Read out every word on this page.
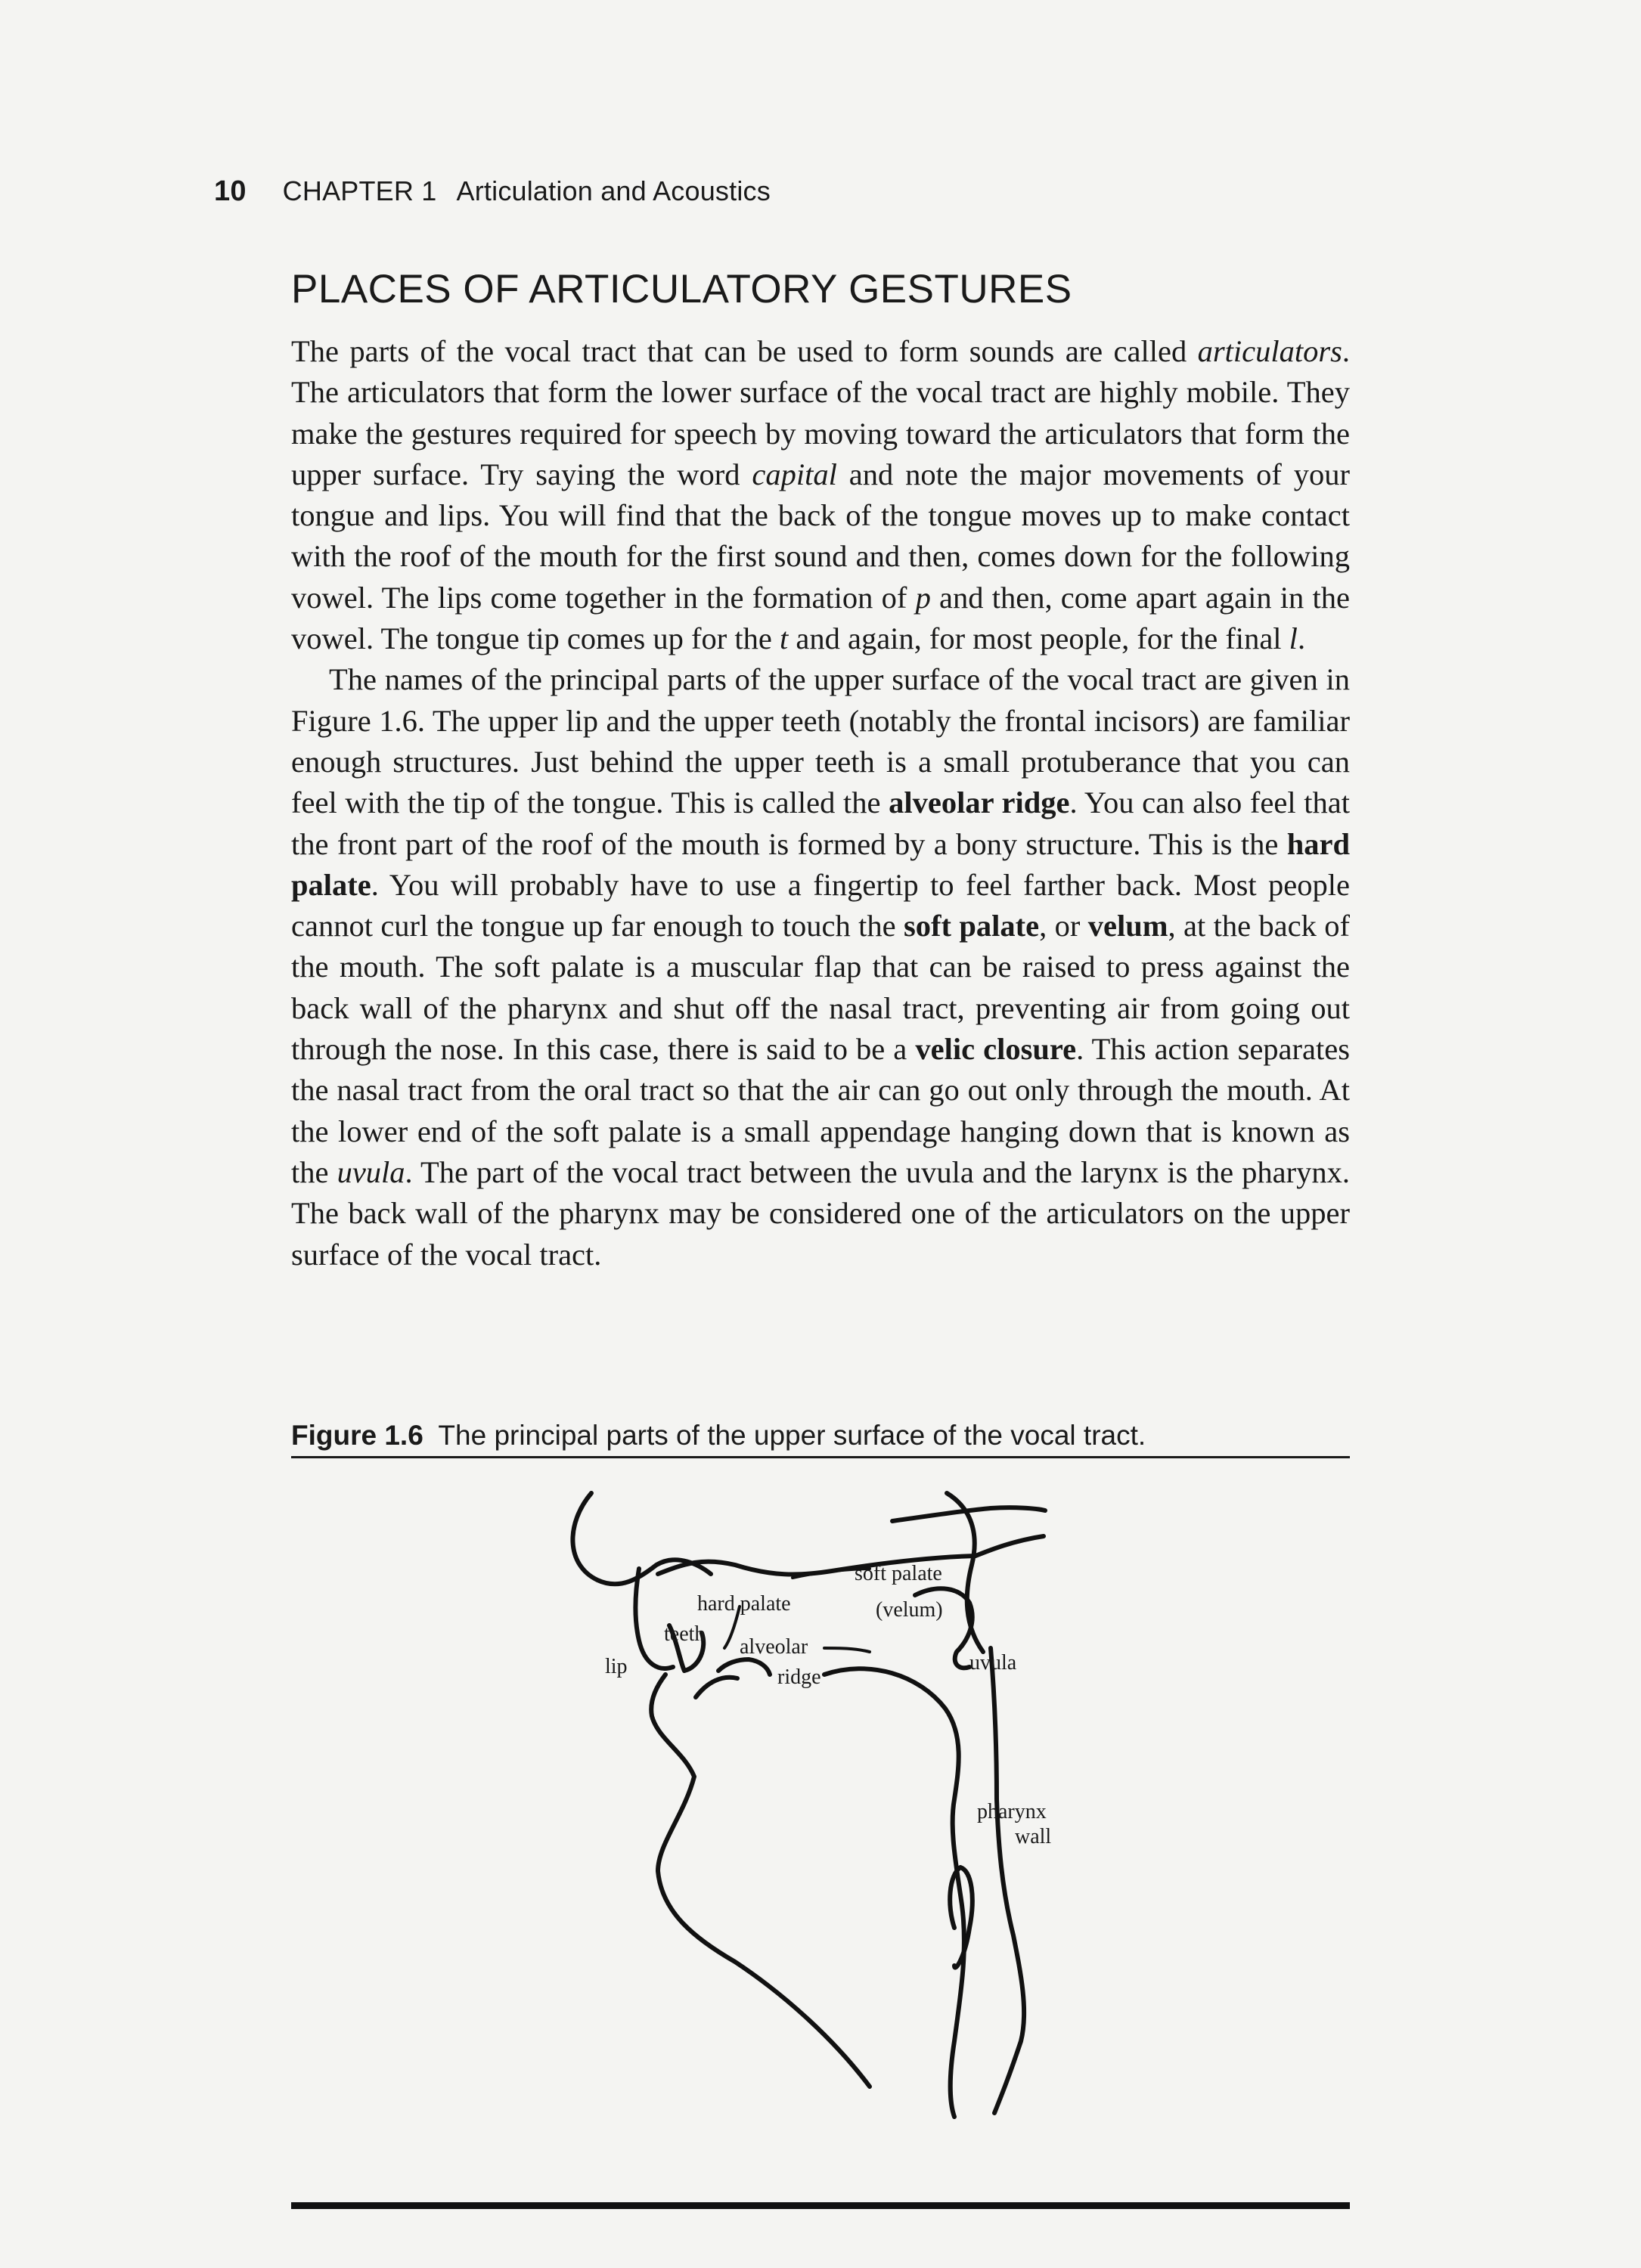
10 CHAPTER 1 Articulation and Acoustics
PLACES OF ARTICULATORY GESTURES

The parts of the vocal tract that can be used to form sounds are called articulators. The articulators that form the lower surface of the vocal tract are highly mobile. They make the gestures required for speech by moving toward the articulators that form the upper surface. Try saying the word capital and note the major movements of your tongue and lips. You will find that the back of the tongue moves up to make contact with the roof of the mouth for the first sound and then, comes down for the following vowel. The lips come together in the formation of p and then, come apart again in the vowel. The tongue tip comes up for the t and again, for most people, for the final l.

The names of the principal parts of the upper surface of the vocal tract are given in Figure 1.6. The upper lip and the upper teeth (notably the frontal incisors) are familiar enough structures. Just behind the upper teeth is a small protuberance that you can feel with the tip of the tongue. This is called the alveolar ridge. You can also feel that the front part of the roof of the mouth is formed by a bony structure. This is the hard palate. You will probably have to use a fingertip to feel farther back. Most people cannot curl the tongue up far enough to touch the soft palate, or velum, at the back of the mouth. The soft palate is a muscular flap that can be raised to press against the back wall of the pharynx and shut off the nasal tract, preventing air from going out through the nose. In this case, there is said to be a velic closure. This action separates the nasal tract from the oral tract so that the air can go out only through the mouth. At the lower end of the soft palate is a small appendage hanging down that is known as the uvula. The part of the vocal tract between the uvula and the larynx is the pharynx. The back wall of the pharynx may be considered one of the articulators on the upper surface of the vocal tract.

Figure 1.6 The principal parts of the upper surface of the vocal tract.
soft palate
(velum)
hard palate
teeth
alveolar
ridge
lip	uvula
pharynx
wall
